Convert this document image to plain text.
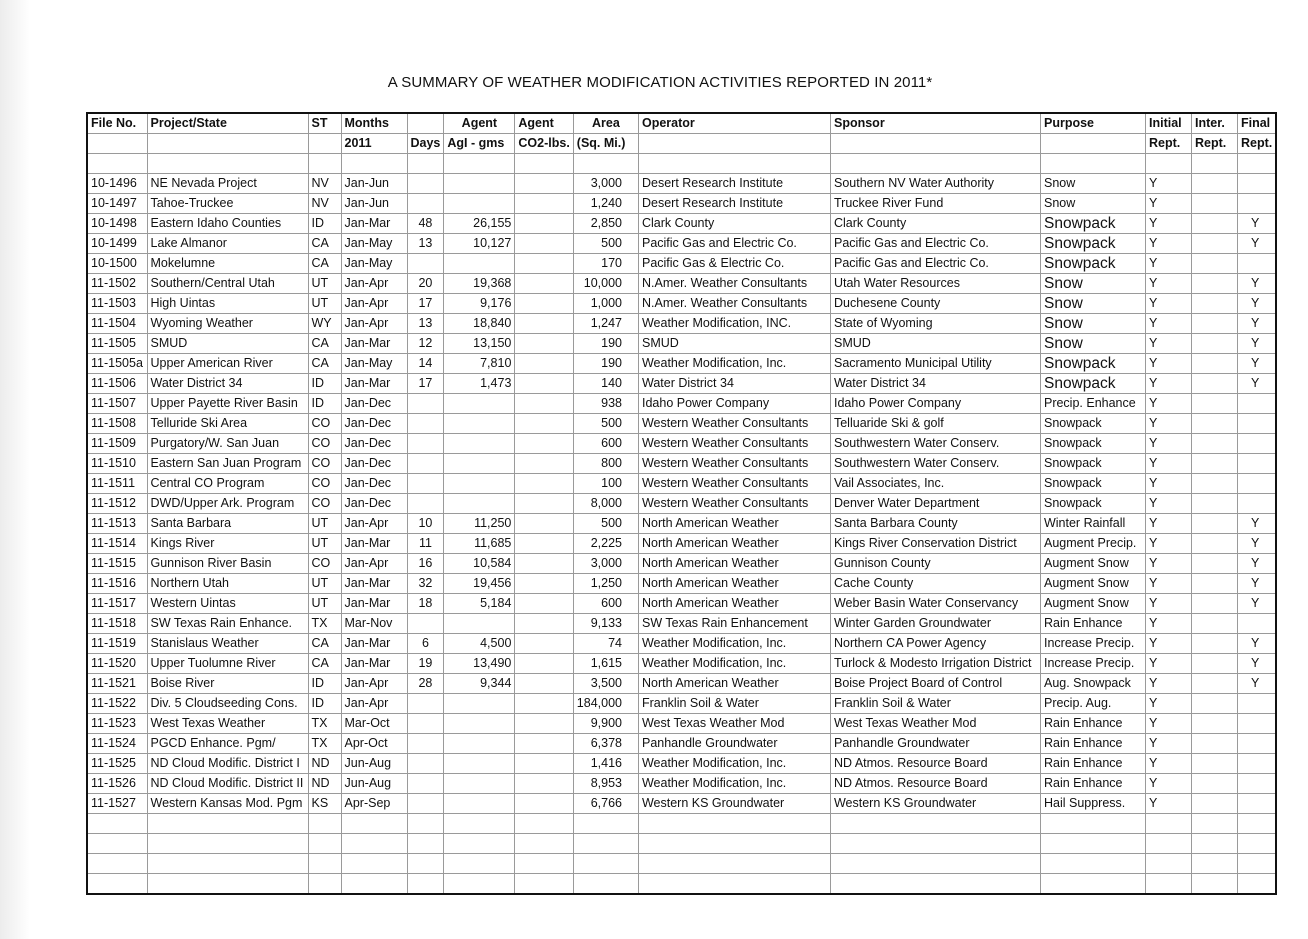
A SUMMARY OF WEATHER MODIFICATION ACTIVITIES REPORTED IN 2011*
File No.	Project/State	ST	Months		Agent	Agent	Area	Operator	Sponsor	Purpose	Initial	Inter.	Final
			2011	Days	AgI - gms	CO2-lbs.	(Sq. Mi.)				Rept.	Rept.	Rept.

10-1496	NE Nevada Project	NV	Jan-Jun				3,000	Desert Research Institute	Southern NV Water Authority	Snow	Y		
10-1497	Tahoe-Truckee	NV	Jan-Jun				1,240	Desert Research Institute	Truckee River Fund	Snow	Y		
10-1498	Eastern Idaho Counties	ID	Jan-Mar	48	26,155		2,850	Clark County	Clark County	Snowpack	Y		Y
10-1499	Lake Almanor	CA	Jan-May	13	10,127		500	Pacific Gas and Electric Co.	Pacific Gas and Electric Co.	Snowpack	Y		Y
10-1500	Mokelumne	CA	Jan-May				170	Pacific Gas & Electric Co.	Pacific Gas and Electric Co.	Snowpack	Y		
11-1502	Southern/Central Utah	UT	Jan-Apr	20	19,368		10,000	N.Amer. Weather Consultants	Utah Water Resources	Snow	Y		Y
11-1503	High Uintas	UT	Jan-Apr	17	9,176		1,000	N.Amer. Weather Consultants	Duchesene County	Snow	Y		Y
11-1504	Wyoming Weather	WY	Jan-Apr	13	18,840		1,247	Weather Modification, INC.	State of Wyoming	Snow	Y		Y
11-1505	SMUD	CA	Jan-Mar	12	13,150		190	SMUD	SMUD	Snow	Y		Y
11-1505a	Upper American River	CA	Jan-May	14	7,810		190	Weather Modification, Inc.	Sacramento Municipal Utility	Snowpack	Y		Y
11-1506	Water District 34	ID	Jan-Mar	17	1,473		140	Water District 34	Water District 34	Snowpack	Y		Y
11-1507	Upper Payette River Basin	ID	Jan-Dec				938	Idaho Power Company	Idaho Power Company	Precip. Enhance	Y		
11-1508	Telluride Ski Area	CO	Jan-Dec				500	Western Weather Consultants	Telluaride Ski & golf	Snowpack	Y		
11-1509	Purgatory/W. San Juan	CO	Jan-Dec				600	Western Weather Consultants	Southwestern Water Conserv.	Snowpack	Y		
11-1510	Eastern San Juan Program	CO	Jan-Dec				800	Western Weather Consultants	Southwestern Water Conserv.	Snowpack	Y		
11-1511	Central CO Program	CO	Jan-Dec				100	Western Weather Consultants	Vail Associates, Inc.	Snowpack	Y		
11-1512	DWD/Upper Ark. Program	CO	Jan-Dec				8,000	Western Weather Consultants	Denver Water Department	Snowpack	Y		
11-1513	Santa Barbara	UT	Jan-Apr	10	11,250		500	North American Weather	Santa Barbara County	Winter Rainfall	Y		Y
11-1514	Kings River	UT	Jan-Mar	11	11,685		2,225	North American Weather	Kings River Conservation District	Augment Precip.	Y		Y
11-1515	Gunnison River Basin	CO	Jan-Apr	16	10,584		3,000	North American Weather	Gunnison County	Augment Snow	Y		Y
11-1516	Northern Utah	UT	Jan-Mar	32	19,456		1,250	North American Weather	Cache County	Augment Snow	Y		Y
11-1517	Western Uintas	UT	Jan-Mar	18	5,184		600	North American Weather	Weber Basin Water Conservancy	Augment Snow	Y		Y
11-1518	SW Texas Rain Enhance.	TX	Mar-Nov				9,133	SW Texas Rain Enhancement	Winter Garden Groundwater	Rain Enhance	Y		
11-1519	Stanislaus Weather	CA	Jan-Mar	6	4,500		74	Weather Modification, Inc.	Northern CA Power Agency	Increase Precip.	Y		Y
11-1520	Upper Tuolumne River	CA	Jan-Mar	19	13,490		1,615	Weather Modification, Inc.	Turlock & Modesto Irrigation District	Increase Precip.	Y		Y
11-1521	Boise River	ID	Jan-Apr	28	9,344		3,500	North American Weather	Boise Project Board of Control	Aug. Snowpack	Y		Y
11-1522	Div. 5 Cloudseeding Cons.	ID	Jan-Apr				184,000	Franklin Soil & Water	Franklin Soil & Water	Precip. Aug.	Y		
11-1523	West Texas Weather	TX	Mar-Oct				9,900	West Texas Weather Mod	West Texas Weather Mod	Rain Enhance	Y		
11-1524	PGCD Enhance. Pgm/	TX	Apr-Oct				6,378	Panhandle Groundwater	Panhandle Groundwater	Rain Enhance	Y		
11-1525	ND Cloud Modific. District I	ND	Jun-Aug				1,416	Weather Modification, Inc.	ND Atmos. Resource Board	Rain Enhance	Y		
11-1526	ND Cloud Modific. District II	ND	Jun-Aug				8,953	Weather Modification, Inc.	ND Atmos. Resource Board	Rain Enhance	Y		
11-1527	Western Kansas Mod. Pgm	KS	Apr-Sep				6,766	Western KS Groundwater	Western KS Groundwater	Hail Suppress.	Y		
